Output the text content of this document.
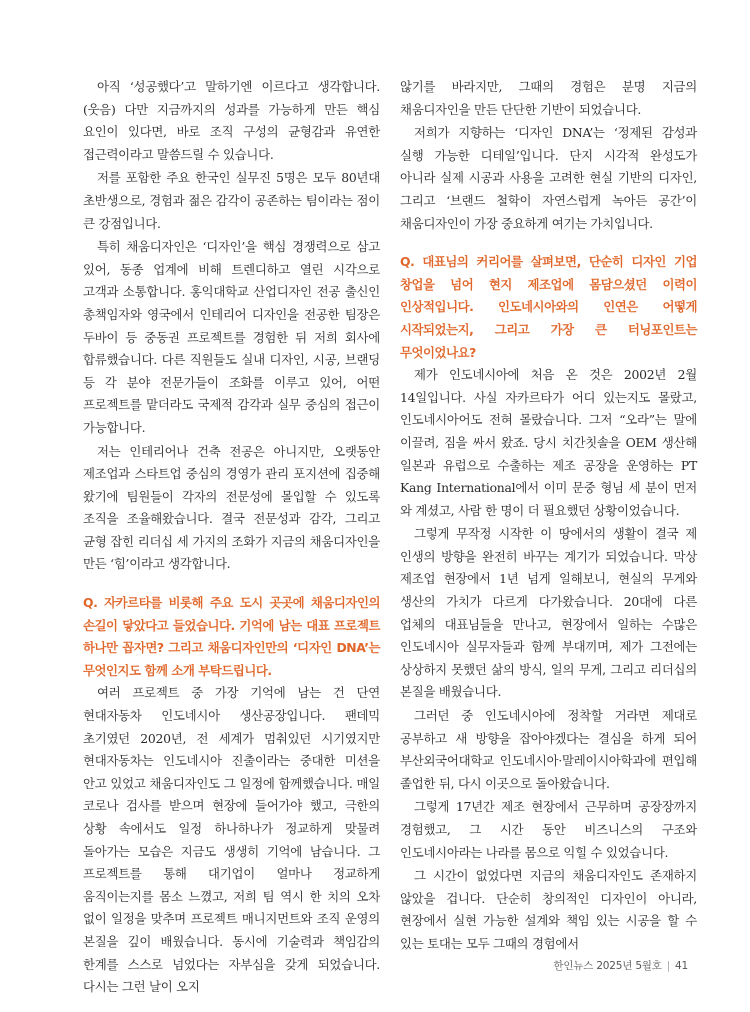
아직 ‘성공했다’고 말하기엔 이르다고 생각합니다. (웃음) 다만 지금까지의 성과를 가능하게 만든 핵심 요인이 있다면, 바로 조직 구성의 균형감과 유연한 접근력이라고 말씀드릴 수 있습니다.

저를 포함한 주요 한국인 실무진 5명은 모두 80년대 초반생으로, 경험과 젊은 감각이 공존하는 팀이라는 점이 큰 강점입니다.

특히 채움디자인은 ‘디자인’을 핵심 경쟁력으로 삼고 있어, 동종 업계에 비해 트렌디하고 열린 시각으로 고객과 소통합니다. 홍익대학교 산업디자인 전공 출신인 총책임자와 영국에서 인테리어 디자인을 전공한 팀장은 두바이 등 중동권 프로젝트를 경험한 뒤 저희 회사에 합류했습니다. 다른 직원들도 실내 디자인, 시공, 브랜딩 등 각 분야 전문가들이 조화를 이루고 있어, 어떤 프로젝트를 맡더라도 국제적 감각과 실무 중심의 접근이 가능합니다.

저는 인테리어나 건축 전공은 아니지만, 오랫동안 제조업과 스타트업 중심의 경영가 관리 포지션에 집중해 왔기에 팀원들이 각자의 전문성에 몰입할 수 있도록 조직을 조율해왔습니다. 결국 전문성과 감각, 그리고 균형 잡힌 리더십 세 가지의 조화가 지금의 채움디자인을 만든 ‘힘’이라고 생각합니다.

Q. 자카르타를 비롯해 주요 도시 곳곳에 채움디자인의 손길이 닿았다고 들었습니다. 기억에 남는 대표 프로젝트 하나만 꼽자면? 그리고 채움디자인만의 ‘디자인 DNA’는 무엇인지도 함께 소개 부탁드립니다.

여러 프로젝트 중 가장 기억에 남는 건 단연 현대자동차 인도네시아 생산공장입니다. 팬데믹 초기였던 2020년, 전 세계가 멈춰있던 시기였지만 현대자동차는 인도네시아 진출이라는 중대한 미션을 안고 있었고 채움디자인도 그 일정에 함께했습니다. 매일 코로나 검사를 받으며 현장에 들어가야 했고, 극한의 상황 속에서도 일정 하나하나가 정교하게 맞물려 돌아가는 모습은 지금도 생생히 기억에 남습니다. 그 프로젝트를 통해 대기업이 얼마나 정교하게 움직이는지를 몸소 느꼈고, 저희 팀 역시 한 치의 오차 없이 일정을 맞추며 프로젝트 매니지먼트와 조직 운영의 본질을 깊이 배웠습니다. 동시에 기술력과 책임감의 한계를 스스로 넘었다는 자부심을 갖게 되었습니다. 다시는 그런 날이 오지

않기를 바라지만, 그때의 경험은 분명 지금의 채움디자인을 만든 단단한 기반이 되었습니다.

저희가 지향하는 ‘디자인 DNA’는 ‘정제된 감성과 실행 가능한 디테일’입니다. 단지 시각적 완성도가 아니라 실제 시공과 사용을 고려한 현실 기반의 디자인, 그리고 ‘브랜드 철학이 자연스럽게 녹아든 공간’이 채움디자인이 가장 중요하게 여기는 가치입니다.

Q. 대표님의 커리어를 살펴보면, 단순히 디자인 기업 창업을 넘어 현지 제조업에 몸담으셨던 이력이 인상적입니다. 인도네시아와의 인연은 어떻게 시작되었는지, 그리고 가장 큰 터닝포인트는 무엇이었나요?

제가 인도네시아에 처음 온 것은 2002년 2월 14일입니다. 사실 자카르타가 어디 있는지도 몰랐고, 인도네시아어도 전혀 몰랐습니다. 그저 “오라”는 말에 이끌려, 짐을 싸서 왔죠. 당시 치간칫솔을 OEM 생산해 일본과 유럽으로 수출하는 제조 공장을 운영하는 PT Kang International에서 이미 문중 형님 세 분이 먼저 와 계셨고, 사람 한 명이 더 필요했던 상황이었습니다.

그렇게 무작정 시작한 이 땅에서의 생활이 결국 제 인생의 방향을 완전히 바꾸는 계기가 되었습니다. 막상 제조업 현장에서 1년 넘게 일해보니, 현실의 무게와 생산의 가치가 다르게 다가왔습니다. 20대에 다른 업체의 대표님들을 만나고, 현장에서 일하는 수많은 인도네시아 실무자들과 함께 부대끼며, 제가 그전에는 상상하지 못했던 삶의 방식, 일의 무게, 그리고 리더십의 본질을 배웠습니다.

그러던 중 인도네시아에 정착할 거라면 제대로 공부하고 새 방향을 잡아야겠다는 결심을 하게 되어 부산외국어대학교 인도네시아·말레이시아학과에 편입해 졸업한 뒤, 다시 이곳으로 돌아왔습니다.

그렇게 17년간 제조 현장에서 근무하며 공장장까지 경험했고, 그 시간 동안 비즈니스의 구조와 인도네시아라는 나라를 몸으로 익힐 수 있었습니다.

그 시간이 없었다면 지금의 채움디자인도 존재하지 않았을 겁니다. 단순히 창의적인 디자인이 아니라, 현장에서 실현 가능한 설계와 책임 있는 시공을 할 수 있는 토대는 모두 그때의 경험에서

한인뉴스 2025년 5월호 | 41
